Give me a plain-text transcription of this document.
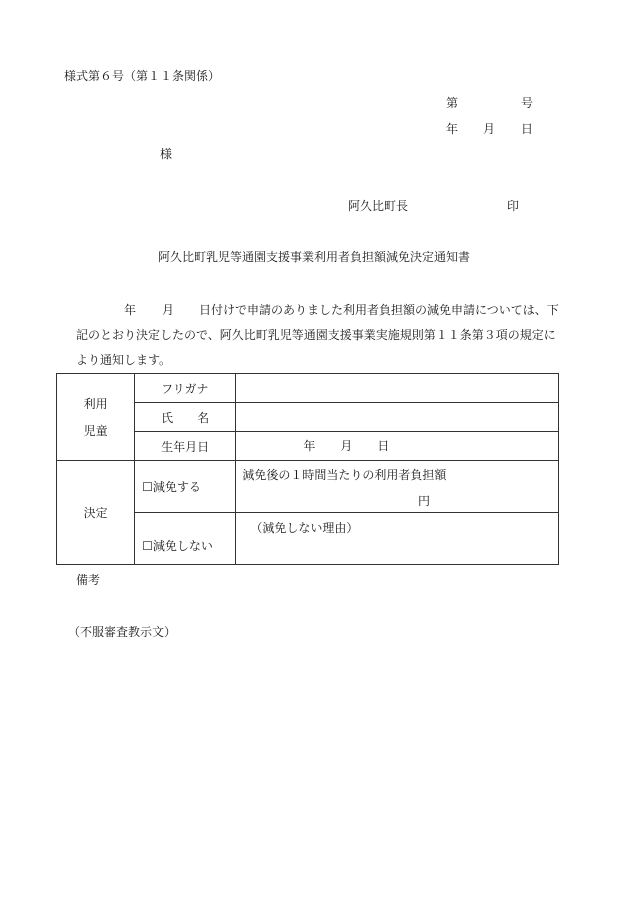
様式第６号（第１１条関係）
第	号
年 月 日
様
阿久比町長	印
阿久比町乳児等通園支援事業利用者負担額減免決定通知書
年 月 日付けで申請のありました利用者負担額の減免申請については、下
記のとおり決定したので、阿久比町乳児等通園支援事業実施規則第１１条第３項の規定に
より通知します。
利用
児童	フリガナ	
	氏　　名	
	生年月日	年 月 日

決定	☐減免する	減免後の１時間当たりの利用者負担額
円

	☐減免しない	（減免しない理由）
備考
（不服審査教示文）
